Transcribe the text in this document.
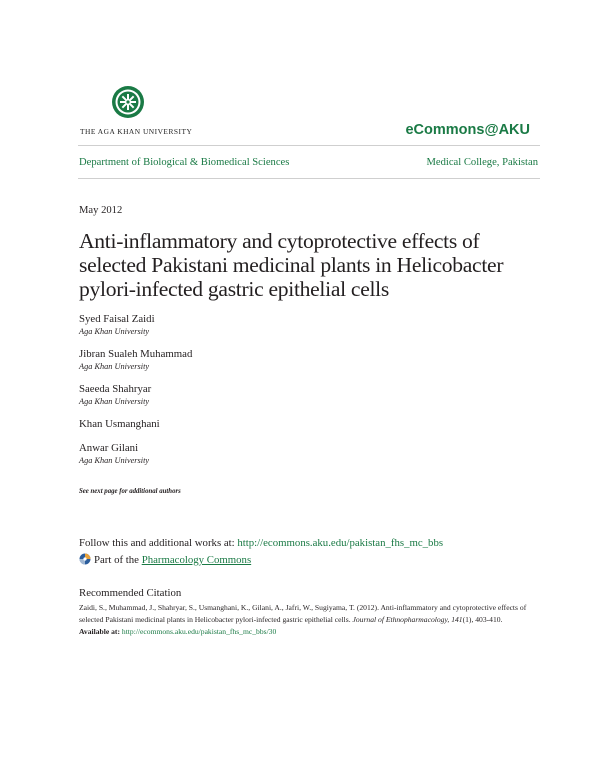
THE AGA KHAN UNIVERSITY	eCommons@AKU
Department of Biological & Biomedical Sciences	Medical College, Pakistan
May 2012
Anti-inflammatory and cytoprotective effects of selected Pakistani medicinal plants in Helicobacter pylori-infected gastric epithelial cells
Syed Faisal Zaidi
Aga Khan University
Jibran Sualeh Muhammad
Aga Khan University
Saeeda Shahryar
Aga Khan University
Khan Usmanghani
Anwar Gilani
Aga Khan University
See next page for additional authors
Follow this and additional works at: http://ecommons.aku.edu/pakistan_fhs_mc_bbs
Part of the Pharmacology Commons
Recommended Citation
Zaidi, S., Muhammad, J., Shahryar, S., Usmanghani, K., Gilani, A., Jafri, W., Sugiyama, T. (2012). Anti-inflammatory and cytoprotective effects of selected Pakistani medicinal plants in Helicobacter pylori-infected gastric epithelial cells. Journal of Ethnopharmacology, 141(1), 403-410.
Available at: http://ecommons.aku.edu/pakistan_fhs_mc_bbs/30
